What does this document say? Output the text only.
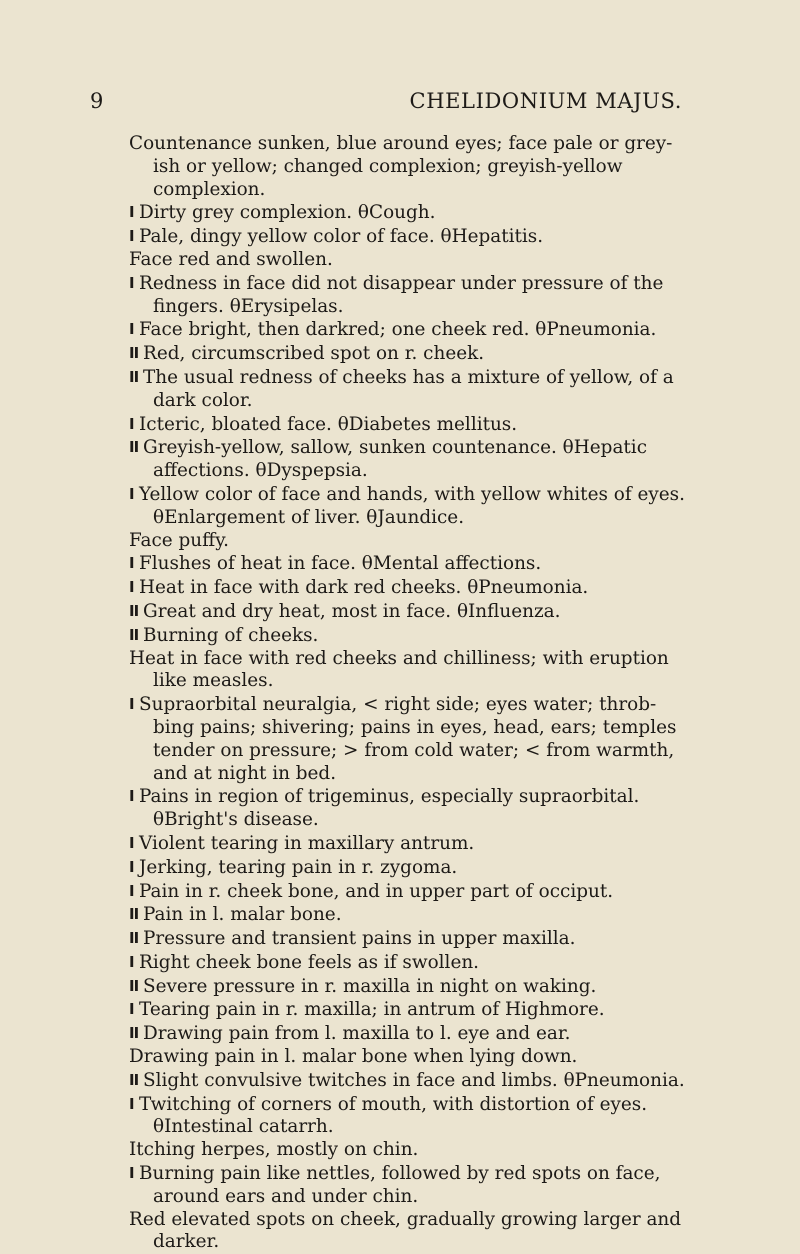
9	CHELIDONIUM MAJUS.

Countenance sunken, blue around eyes; face pale or greyish or yellow; changed complexion; greyish-yellow complexion.

I Dirty grey complexion. θCough.

I Pale, dingy yellow color of face. θHepatitis.

Face red and swollen.

I Redness in face did not disappear under pressure of the fingers. θErysipelas.

I Face bright, then darkred; one cheek red. θPneumonia.

II Red, circumscribed spot on r. cheek.

II The usual redness of cheeks has a mixture of yellow, of a dark color.

I Icteric, bloated face. θDiabetes mellitus.

II Greyish-yellow, sallow, sunken countenance. θHepatic affections. θDyspepsia.

I Yellow color of face and hands, with yellow whites of eyes. θEnlargement of liver. θJaundice.

Face puffy.

I Flushes of heat in face. θMental affections.

I Heat in face with dark red cheeks. θPneumonia.

II Great and dry heat, most in face. θInfluenza.

II Burning of cheeks.

Heat in face with red cheeks and chilliness; with eruption like measles.

I Supraorbital neuralgia, < right side; eyes water; throbbing pains; shivering; pains in eyes, head, ears; temples tender on pressure; > from cold water; < from warmth, and at night in bed.

I Pains in region of trigeminus, especially supraorbital. θBright's disease.

I Violent tearing in maxillary antrum.

I Jerking, tearing pain in r. zygoma.

I Pain in r. cheek bone, and in upper part of occiput.

II Pain in l. malar bone.

II Pressure and transient pains in upper maxilla.

I Right cheek bone feels as if swollen.

II Severe pressure in r. maxilla in night on waking.

I Tearing pain in r. maxilla; in antrum of Highmore.

II Drawing pain from l. maxilla to l. eye and ear.

Drawing pain in l. malar bone when lying down.

II Slight convulsive twitches in face and limbs. θPneumonia.

I Twitching of corners of mouth, with distortion of eyes. θIntestinal catarrh.

Itching herpes, mostly on chin.

I Burning pain like nettles, followed by red spots on face, around ears and under chin.

Red elevated spots on cheek, gradually growing larger and darker.
